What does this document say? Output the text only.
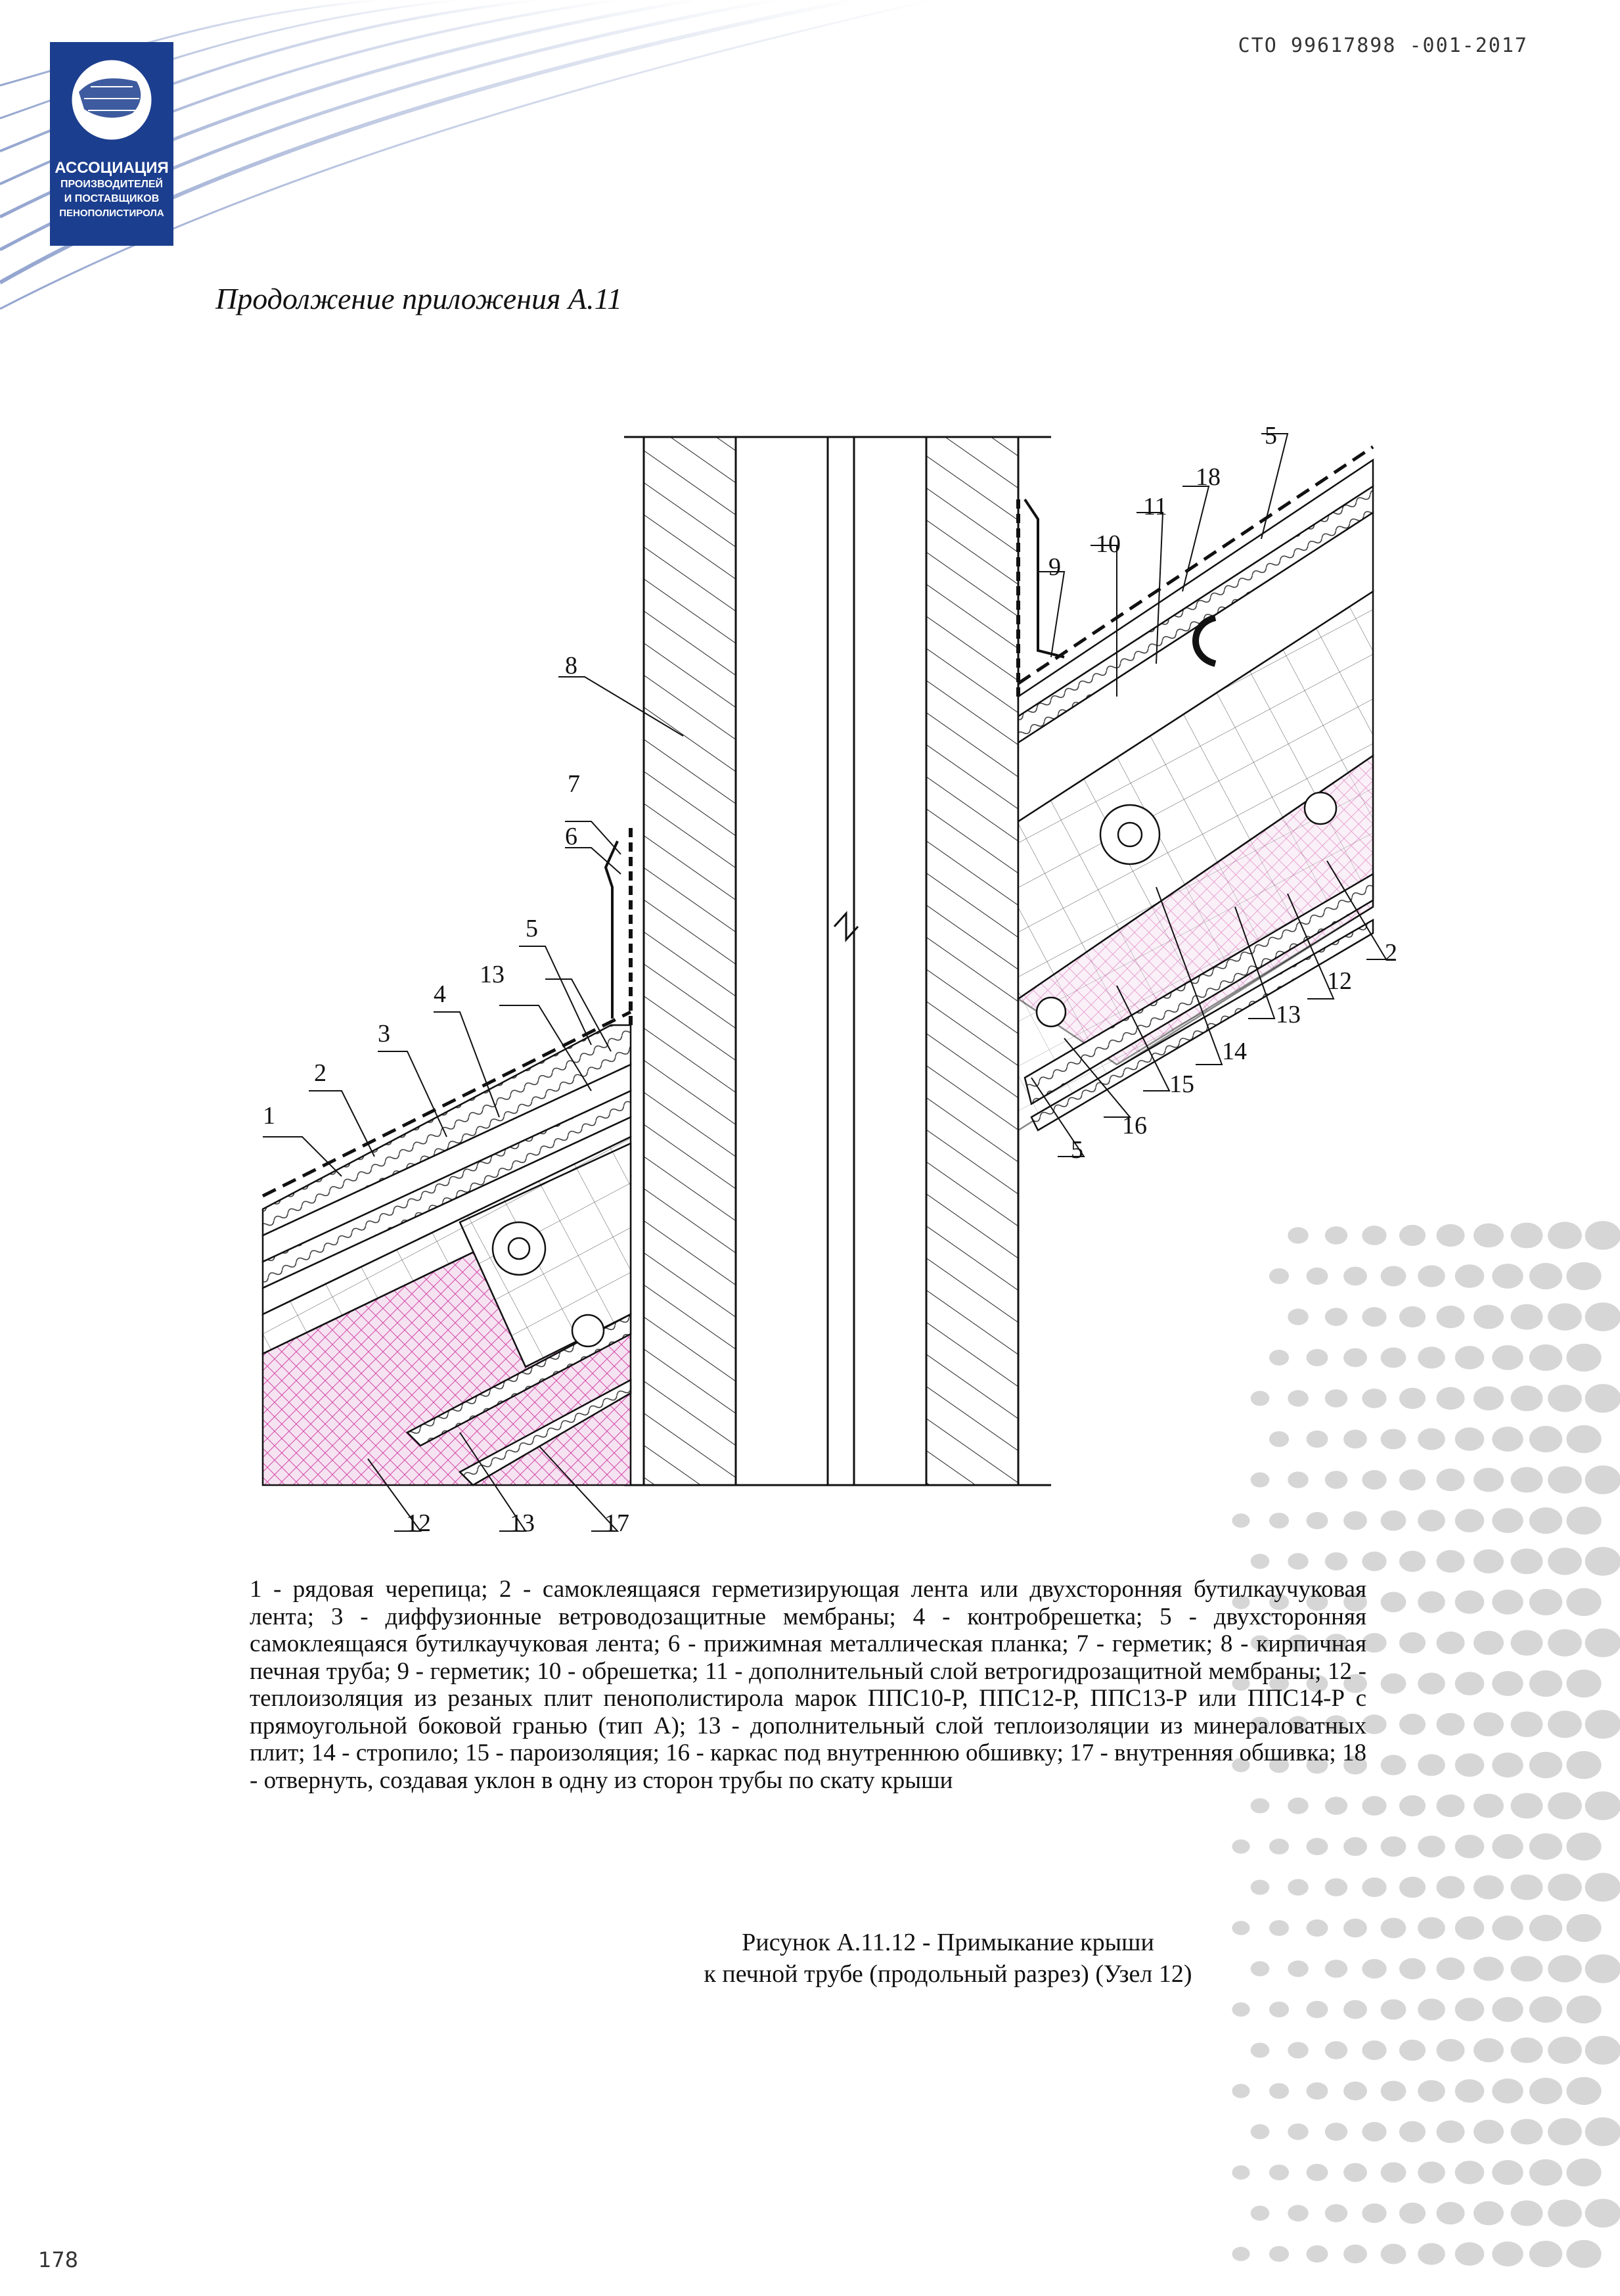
СТО 99617898 -001-2017
АССОЦИАЦИЯ
ПРОИЗВОДИТЕЛЕЙ
И ПОСТАВЩИКОВ
ПЕНОПОЛИСТИРОЛА
Продолжение приложения А.11
1
2
3
4
5
6
7
8
13
12	13	17
5
18
11
10
9
2
12
13
14
15
16
5
1 - рядовая черепица; 2 - самоклеящаяся герметизирующая лента или двухсторонняя бутилкаучуковая лента; 3 - диффузионные ветроводозащитные мембраны; 4 - контробрешетка; 5 - двухсторонняя самоклеящаяся бутилкаучуковая лента; 6 - прижимная металлическая планка; 7 - герметик; 8 - кирпичная печная труба; 9 - герметик; 10 - обрешетка; 11 - дополнительный слой ветрогидрозащитной мембраны; 12 - теплоизоляция из резаных плит пенополистирола марок ППС10-Р, ППС12-Р, ППС13-Р или ППС14-Р с прямоугольной боковой гранью (тип А); 13 - дополнительный слой теплоизоляции из минераловатных плит; 14 - стропило; 15 - пароизоляция; 16 - каркас под внутреннюю обшивку; 17 - внутренняя обшивка; 18 - отвернуть, создавая уклон в одну из сторон трубы по скату крыши
Рисунок А.11.12 - Примыкание крыши
к печной трубе (продольный разрез) (Узел 12)
178
